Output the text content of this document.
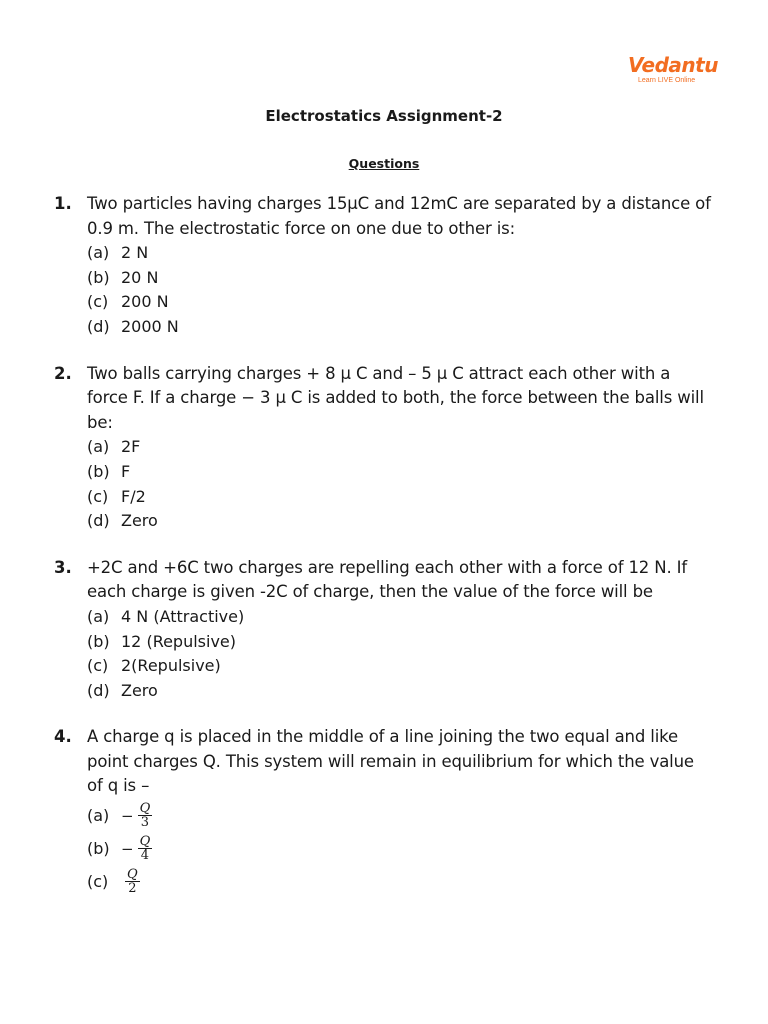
Vedantu
Learn LIVE Online
Electrostatics Assignment-2
Questions
1. Two particles having charges 15μC and 12mC are separated by a distance of 0.9 m. The electrostatic force on one due to other is:
(a) 2 N
(b) 20 N
(c) 200 N
(d) 2000 N
2. Two balls carrying charges + 8 μ C and – 5 μ C attract each other with a force F. If a charge − 3 μ C is added to both, the force between the balls will be:
(a) 2F
(b) F
(c) F/2
(d) Zero
3. +2C and +6C two charges are repelling each other with a force of 12 N. If each charge is given -2C of charge, then the value of the force will be
(a) 4 N (Attractive)
(b) 12 (Repulsive)
(c) 2(Repulsive)
(d) Zero
4. A charge q is placed in the middle of a line joining the two equal and like point charges Q. This system will remain in equilibrium for which the value of q is –
$(a) - \frac{Q}{3}$
$(b) - \frac{Q}{4}$
(c)	$\frac{Q}{2}$
